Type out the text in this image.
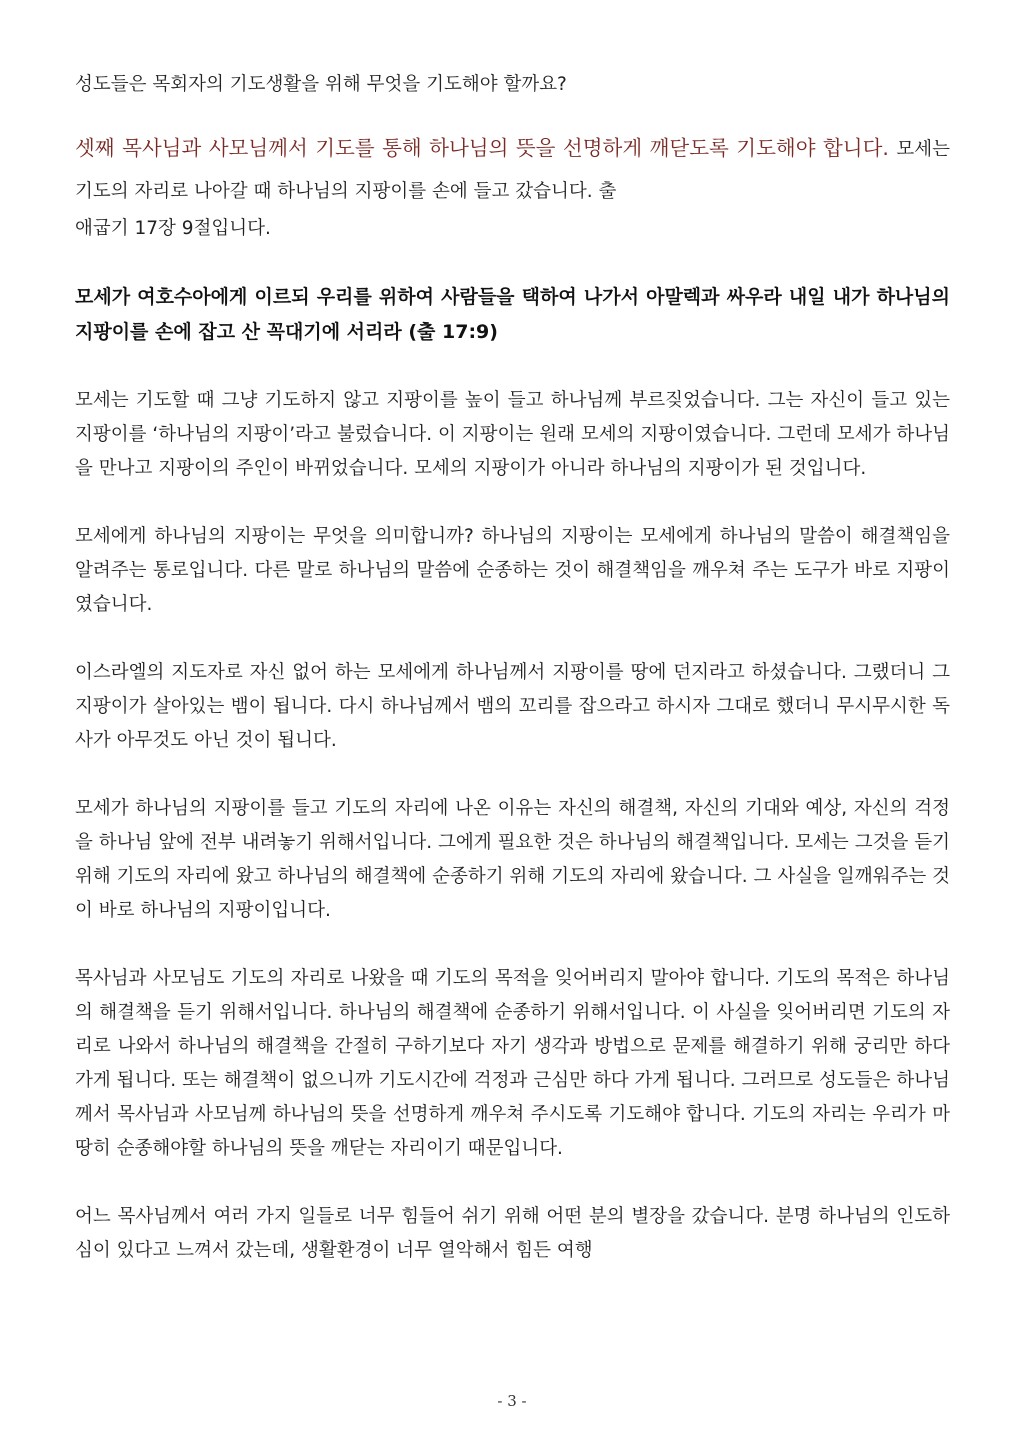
성도들은 목회자의 기도생활을 위해 무엇을 기도해야 할까요?

셋째 목사님과 사모님께서 기도를 통해 하나님의 뜻을 선명하게 깨닫도록 기도해야 합니다. 모세는 기도의 자리로 나아갈 때 하나님의 지팡이를 손에 들고 갔습니다. 출
애굽기 17장 9절입니다.

모세가 여호수아에게 이르되 우리를 위하여 사람들을 택하여 나가서 아말렉과 싸우라 내일 내가 하나님의 지팡이를 손에 잡고 산 꼭대기에 서리라 (출 17:9)

모세는 기도할 때 그냥 기도하지 않고 지팡이를 높이 들고 하나님께 부르짖었습니다. 그는 자신이 들고 있는 지팡이를 ‘하나님의 지팡이’라고 불렀습니다. 이 지팡이는 원래 모세의 지팡이였습니다. 그런데 모세가 하나님을 만나고 지팡이의 주인이 바뀌었습니다. 모세의 지팡이가 아니라 하나님의 지팡이가 된 것입니다.

모세에게 하나님의 지팡이는 무엇을 의미합니까? 하나님의 지팡이는 모세에게 하나님의 말씀이 해결책임을 알려주는 통로입니다. 다른 말로 하나님의 말씀에 순종하는 것이 해결책임을 깨우쳐 주는 도구가 바로 지팡이였습니다.

이스라엘의 지도자로 자신 없어 하는 모세에게 하나님께서 지팡이를 땅에 던지라고 하셨습니다. 그랬더니 그 지팡이가 살아있는 뱀이 됩니다. 다시 하나님께서 뱀의 꼬리를 잡으라고 하시자 그대로 했더니 무시무시한 독사가 아무것도 아닌 것이 됩니다.

모세가 하나님의 지팡이를 들고 기도의 자리에 나온 이유는 자신의 해결책, 자신의 기대와 예상, 자신의 걱정을 하나님 앞에 전부 내려놓기 위해서입니다. 그에게 필요한 것은 하나님의 해결책입니다. 모세는 그것을 듣기 위해 기도의 자리에 왔고 하나님의 해결책에 순종하기 위해 기도의 자리에 왔습니다. 그 사실을 일깨워주는 것이 바로 하나님의 지팡이입니다.

목사님과 사모님도 기도의 자리로 나왔을 때 기도의 목적을 잊어버리지 말아야 합니다. 기도의 목적은 하나님의 해결책을 듣기 위해서입니다. 하나님의 해결책에 순종하기 위해서입니다. 이 사실을 잊어버리면 기도의 자리로 나와서 하나님의 해결책을 간절히 구하기보다 자기 생각과 방법으로 문제를 해결하기 위해 궁리만 하다 가게 됩니다. 또는 해결책이 없으니까 기도시간에 걱정과 근심만 하다 가게 됩니다. 그러므로 성도들은 하나님께서 목사님과 사모님께 하나님의 뜻을 선명하게 깨우쳐 주시도록 기도해야 합니다. 기도의 자리는 우리가 마땅히 순종해야할 하나님의 뜻을 깨닫는 자리이기 때문입니다.

어느 목사님께서 여러 가지 일들로 너무 힘들어 쉬기 위해 어떤 분의 별장을 갔습니다. 분명 하나님의 인도하심이 있다고 느껴서 갔는데, 생활환경이 너무 열악해서 힘든 여행

- 3 -
